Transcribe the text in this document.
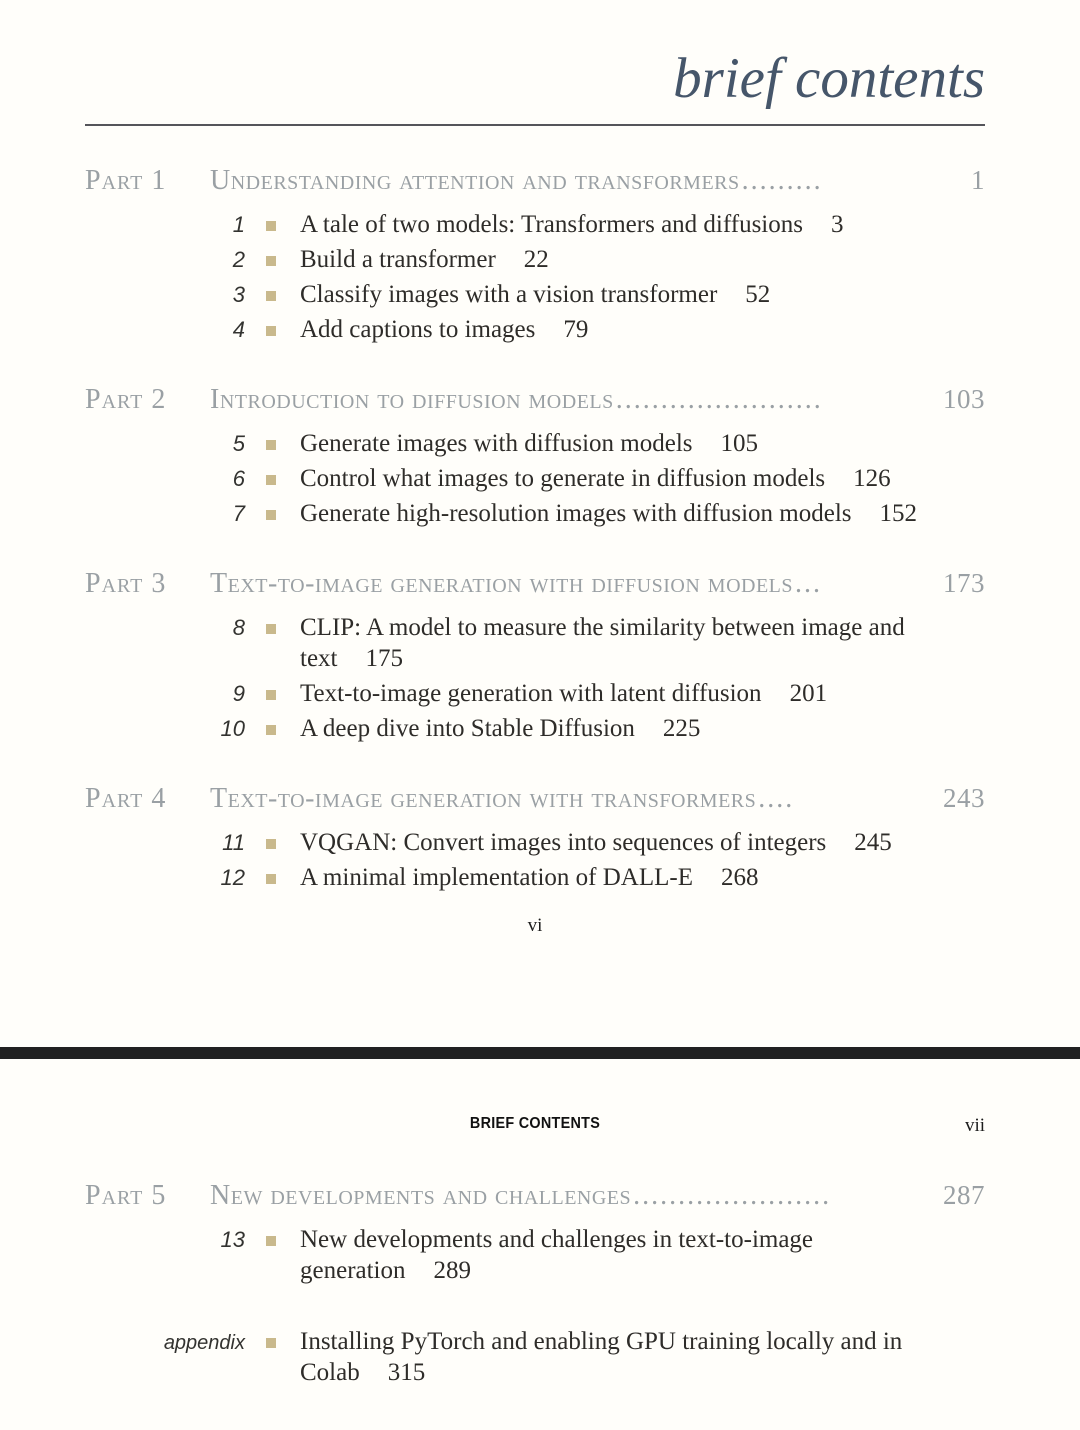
brief contents
Part 1	Understanding attention and transformers .........	1
1 A tale of two models: Transformers and diffusions 3
2 Build a transformer 22
3 Classify images with a vision transformer 52
4 Add captions to images 79
Part 2	Introduction to diffusion models .......................	103
5 Generate images with diffusion models 105
6 Control what images to generate in diffusion models 126
7 Generate high-resolution images with diffusion models 152
Part 3	Text-to-image generation with diffusion models ...	173
8 CLIP: A model to measure the similarity between image and text 175
9 Text-to-image generation with latent diffusion 201
10 A deep dive into Stable Diffusion 225
Part 4	Text-to-image generation with transformers ....	243
11 VQGAN: Convert images into sequences of integers 245
12 A minimal implementation of DALL-E 268
vi
BRIEF CONTENTS	vii
Part 5	New developments and challenges ......................	287
13 New developments and challenges in text-to-image generation 289
appendix Installing PyTorch and enabling GPU training locally and in Colab 315
